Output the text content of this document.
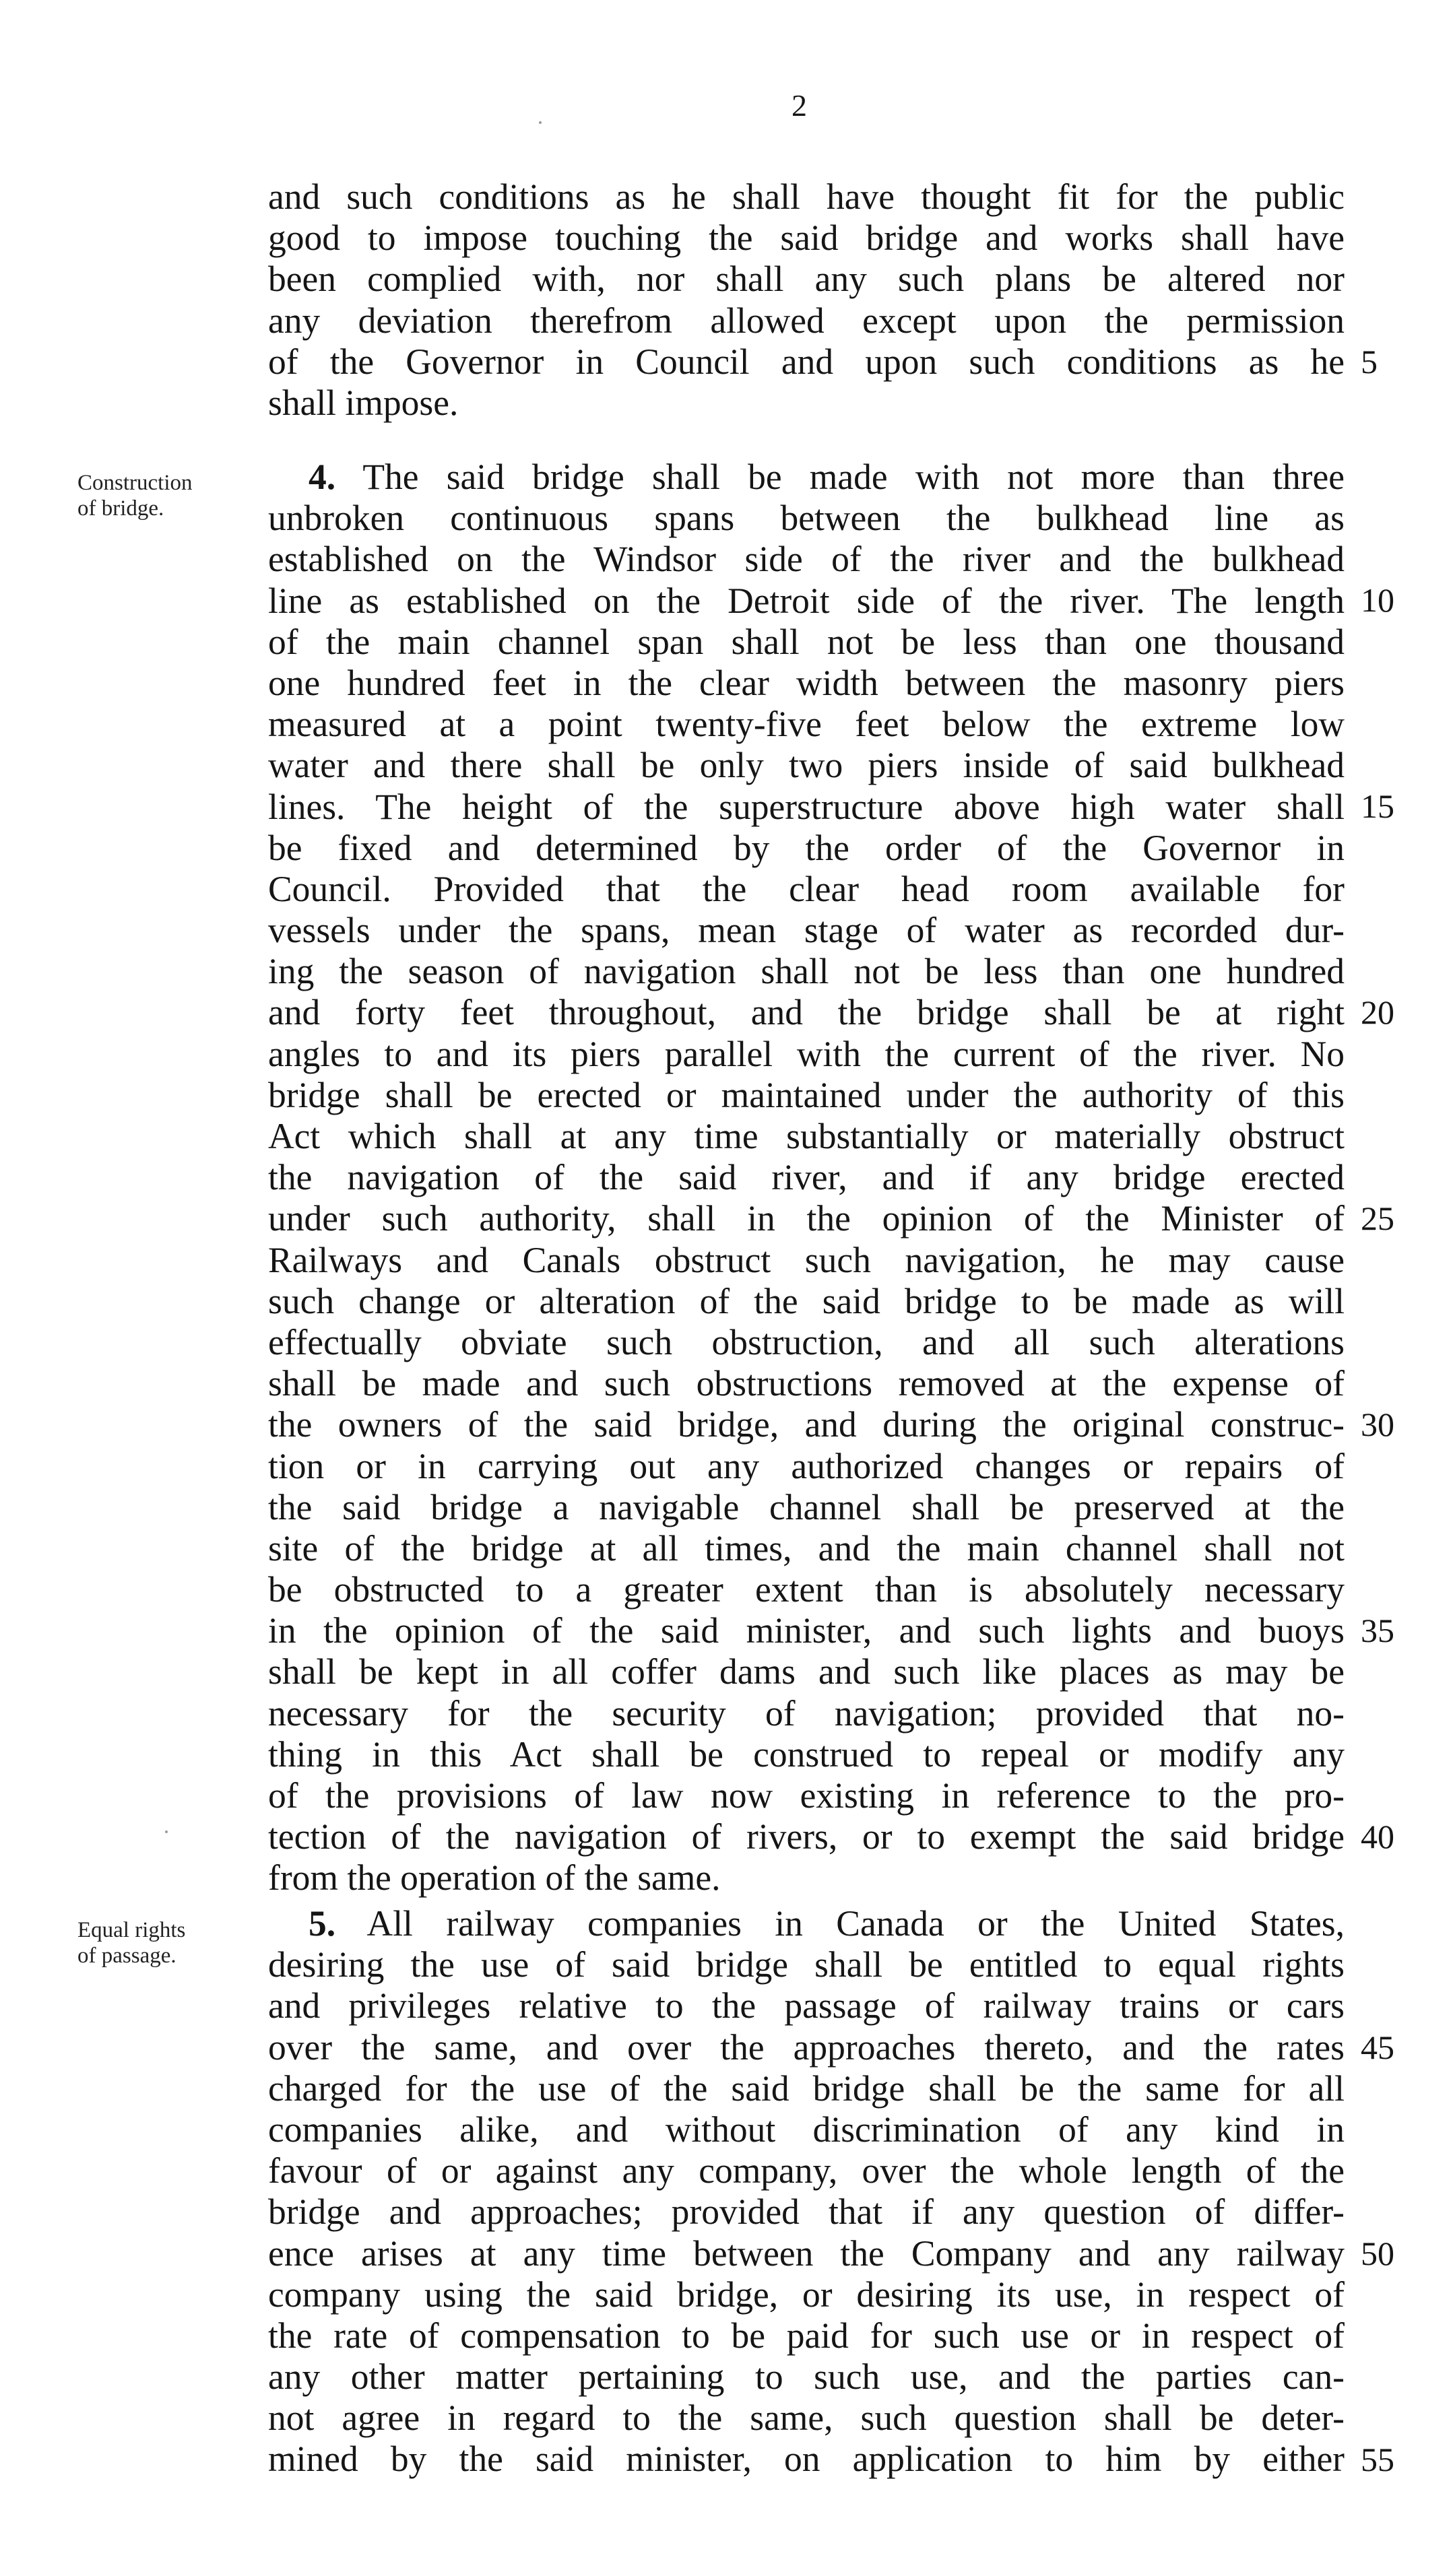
2
and such conditions as he shall have thought fit for the public
good to impose touching the said bridge and works shall have
been complied with, nor shall any such plans be altered nor
any deviation therefrom allowed except upon the permission
of the Governor in Council and upon such conditions as he
shall impose.
Construction
of bridge.
4. The said bridge shall be made with not more than three
unbroken continuous spans between the bulkhead line as
established on the Windsor side of the river and the bulkhead
line as established on the Detroit side of the river. The length
of the main channel span shall not be less than one thousand
one hundred feet in the clear width between the masonry piers
measured at a point twenty-five feet below the extreme low
water and there shall be only two piers inside of said bulkhead
lines. The height of the superstructure above high water shall
be fixed and determined by the order of the Governor in
Council. Provided that the clear head room available for
vessels under the spans, mean stage of water as recorded dur-
ing the season of navigation shall not be less than one hundred
and forty feet throughout, and the bridge shall be at right
angles to and its piers parallel with the current of the river. No
bridge shall be erected or maintained under the authority of this
Act which shall at any time substantially or materially obstruct
the navigation of the said river, and if any bridge erected
under such authority, shall in the opinion of the Minister of
Railways and Canals obstruct such navigation, he may cause
such change or alteration of the said bridge to be made as will
effectually obviate such obstruction, and all such alterations
shall be made and such obstructions removed at the expense of
the owners of the said bridge, and during the original construc-
tion or in carrying out any authorized changes or repairs of
the said bridge a navigable channel shall be preserved at the
site of the bridge at all times, and the main channel shall not
be obstructed to a greater extent than is absolutely necessary
in the opinion of the said minister, and such lights and buoys
shall be kept in all coffer dams and such like places as may be
necessary for the security of navigation; provided that no-
thing in this Act shall be construed to repeal or modify any
of the provisions of law now existing in reference to the pro-
tection of the navigation of rivers, or to exempt the said bridge
from the operation of the same.
Equal rights
of passage.
5. All railway companies in Canada or the United States,
desiring the use of said bridge shall be entitled to equal rights
and privileges relative to the passage of railway trains or cars
over the same, and over the approaches thereto, and the rates
charged for the use of the said bridge shall be the same for all
companies alike, and without discrimination of any kind in
favour of or against any company, over the whole length of the
bridge and approaches; provided that if any question of differ-
ence arises at any time between the Company and any railway
company using the said bridge, or desiring its use, in respect of
the rate of compensation to be paid for such use or in respect of
any other matter pertaining to such use, and the parties can-
not agree in regard to the same, such question shall be deter-
mined by the said minister, on application to him by either
5
10
15
20
25
30
35
40
45
50
55
